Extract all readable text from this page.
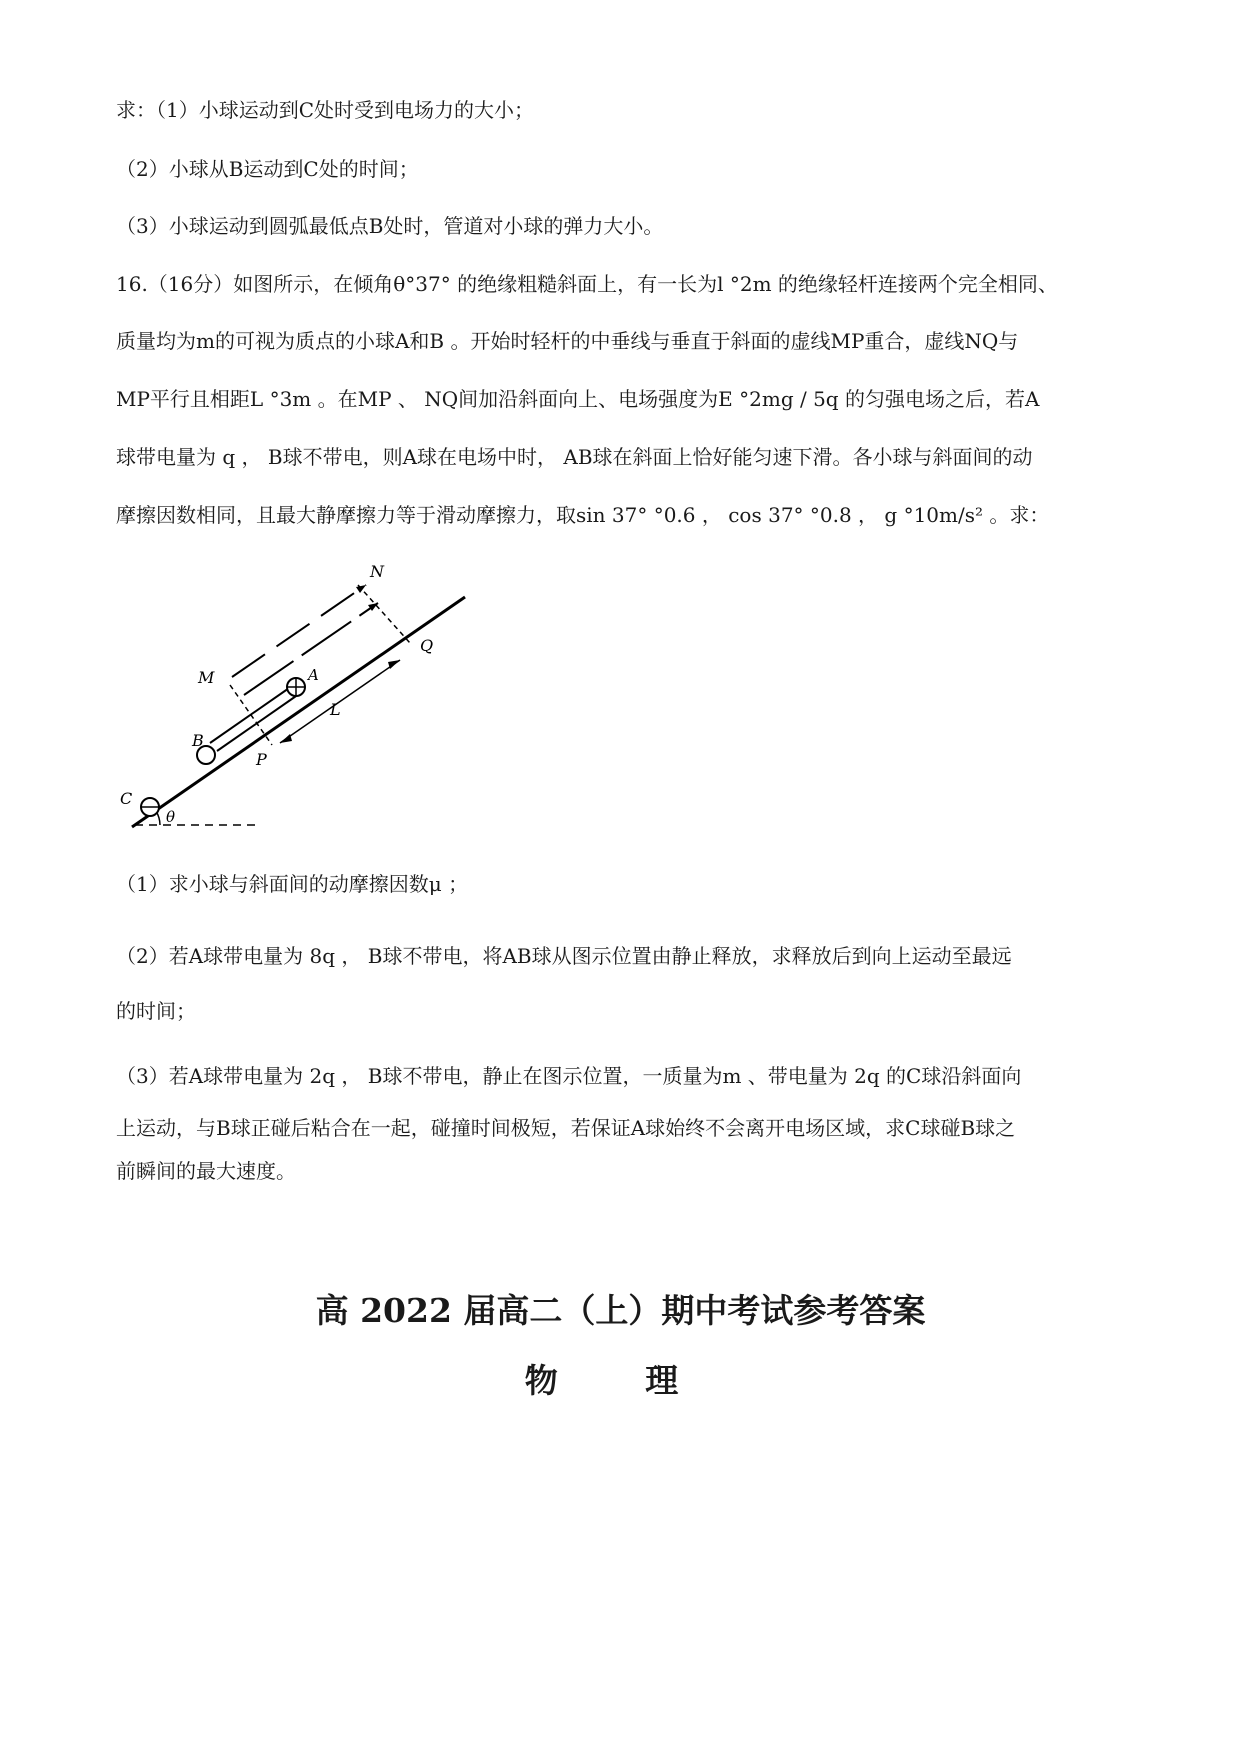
求：（1）小球运动到C处时受到电场力的大小；
（2）小球从B运动到C处的时间；
（3）小球运动到圆弧最低点B处时，管道对小球的弹力大小。
16.（16分）如图所示，在倾角θ°37° 的绝缘粗糙斜面上，有一长为l °2m 的绝缘轻杆连接两个完全相同、
质量均为m的可视为质点的小球A和B 。开始时轻杆的中垂线与垂直于斜面的虚线MP重合，虚线NQ与
MP平行且相距L °3m 。在MP 、 NQ间加沿斜面向上、电场强度为E °2mg / 5q 的匀强电场之后，若A
球带电量为 q ， B球不带电，则A球在电场中时， AB球在斜面上恰好能匀速下滑。各小球与斜面间的动
摩擦因数相同，且最大静摩擦力等于滑动摩擦力，取sin 37° °0.6 ， cos 37° °0.8 ， g °10m/s² 。求：
θ
A
B
C
M
P
N
Q
L
（1）求小球与斜面间的动摩擦因数μ ；
（2）若A球带电量为 8q ， B球不带电，将AB球从图示位置由静止释放，求释放后到向上运动至最远
的时间；
（3）若A球带电量为 2q ， B球不带电，静止在图示位置，一质量为m 、带电量为 2q 的C球沿斜面向
上运动，与B球正碰后粘合在一起，碰撞时间极短，若保证A球始终不会离开电场区域，求C球碰B球之
前瞬间的最大速度。
高 2022 届高二（上）期中考试参考答案
物 理
